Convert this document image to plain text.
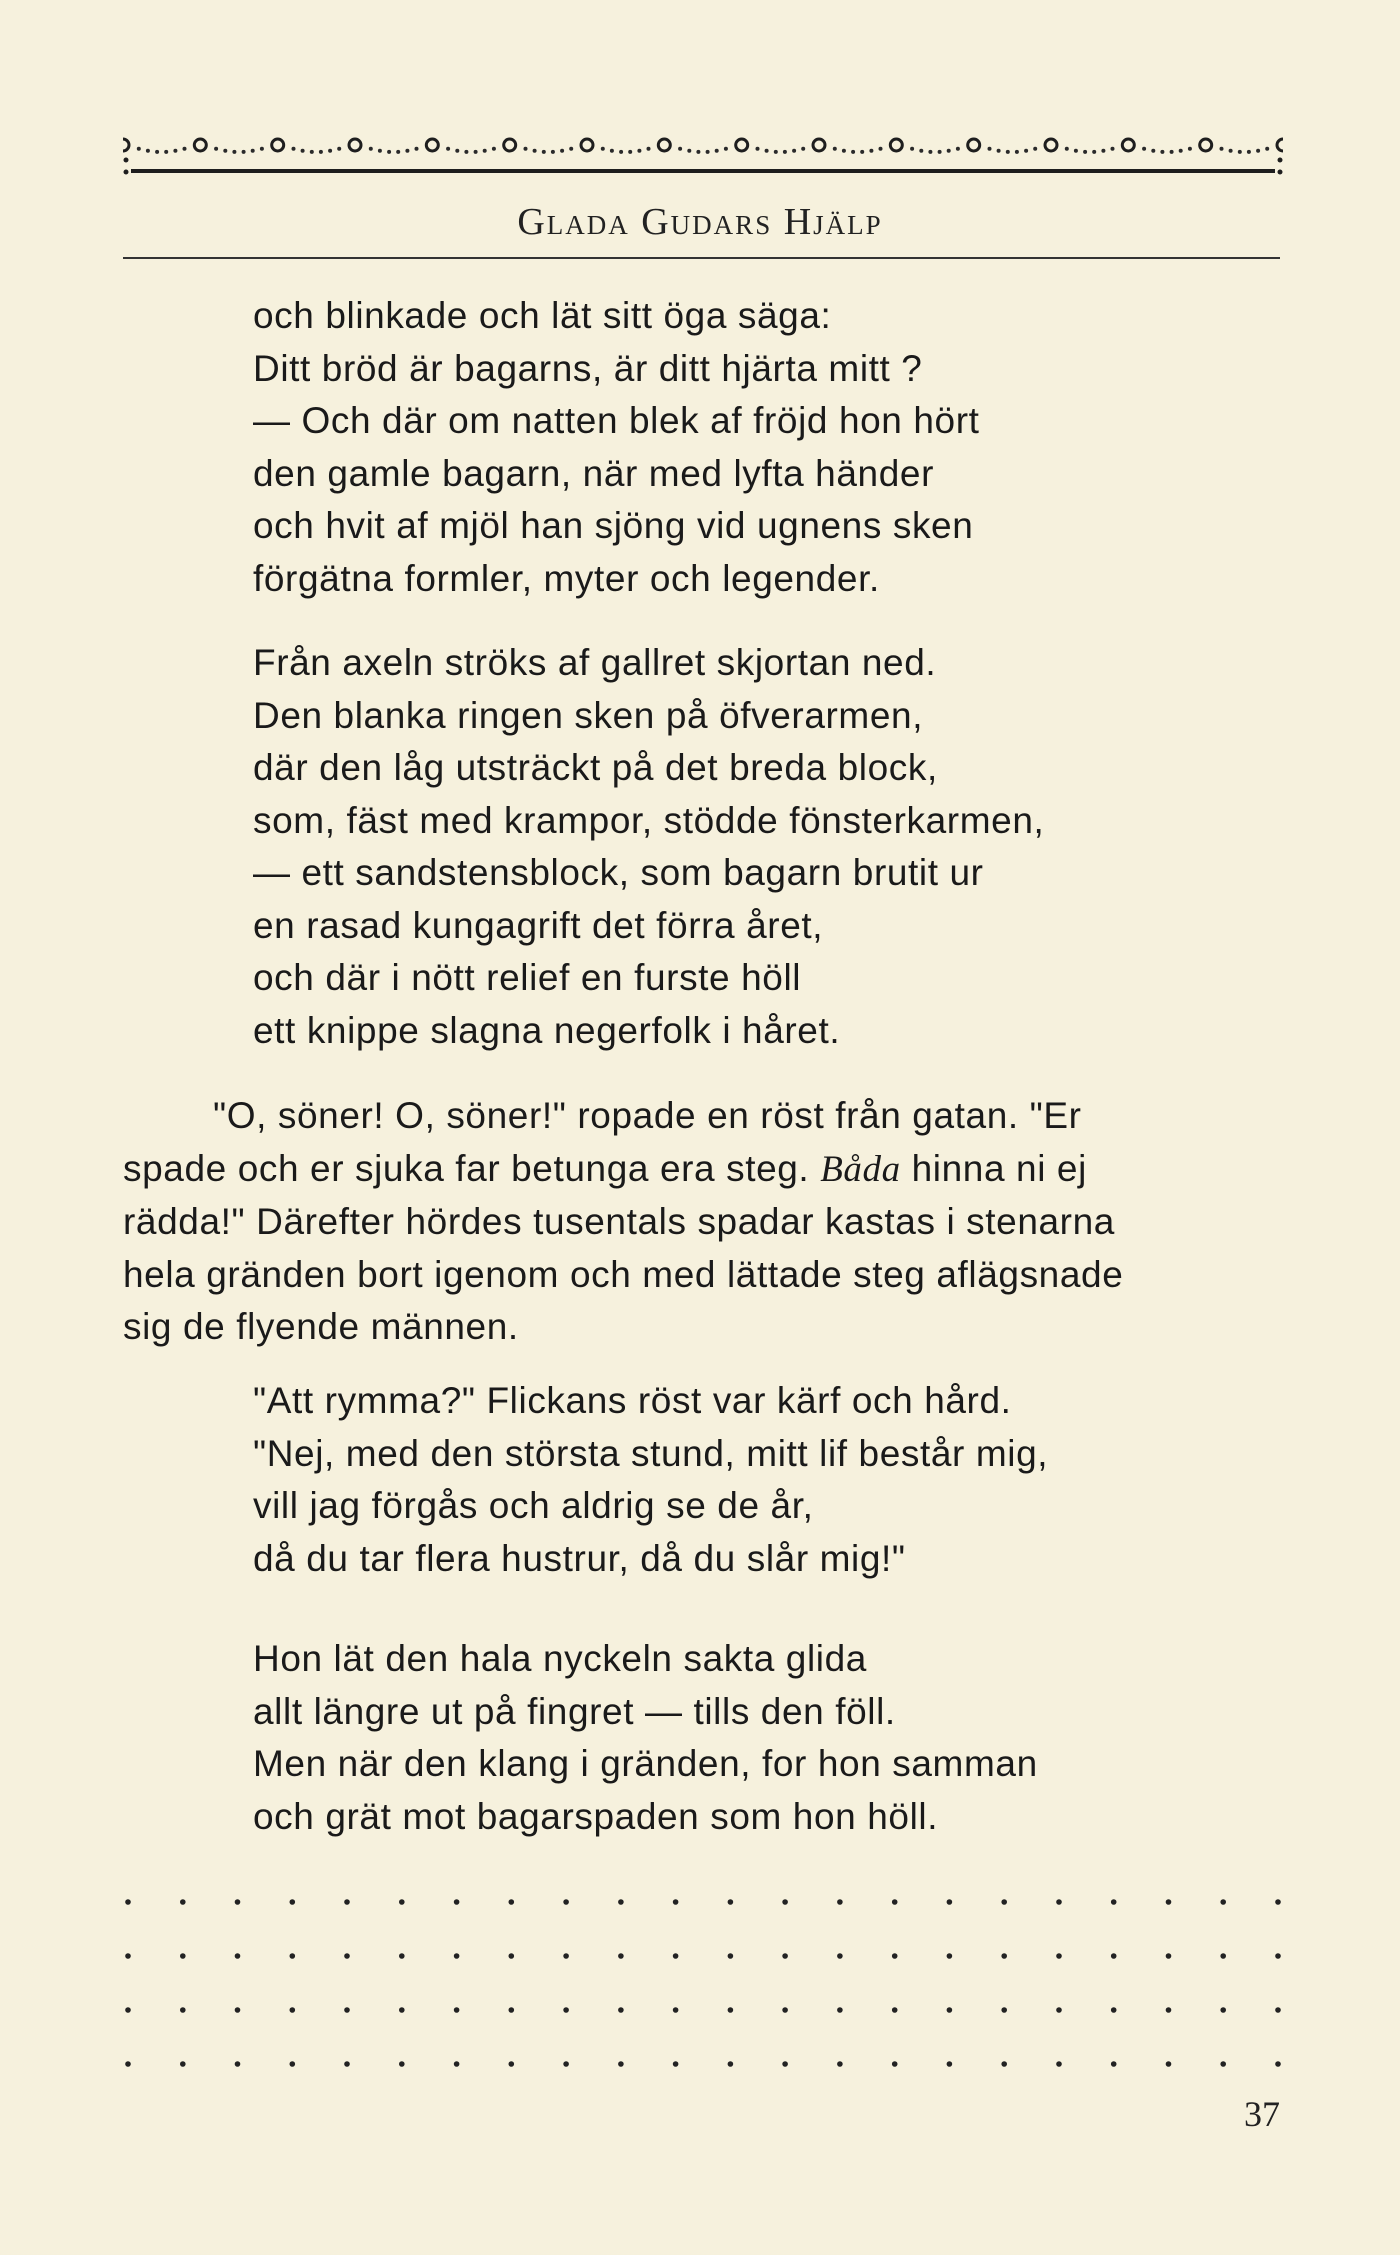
Glada Gudars Hjälp
och blinkade och lät sitt öga säga:
Ditt bröd är bagarns, är ditt hjärta mitt ?
— Och där om natten blek af fröjd hon hört
den gamle bagarn, när med lyfta händer
och hvit af mjöl han sjöng vid ugnens sken
förgätna formler, myter och legender.
Från axeln ströks af gallret skjortan ned.
Den blanka ringen sken på öfverarmen,
där den låg utsträckt på det breda block,
som, fäst med krampor, stödde fönsterkarmen,
— ett sandstensblock, som bagarn brutit ur
en rasad kungagrift det förra året,
och där i nött relief en furste höll
ett knippe slagna negerfolk i håret.
"O, söner! O, söner!" ropade en röst från gatan. "Er
spade och er sjuka far betunga era steg. Båda hinna ni ej
rädda!" Därefter hördes tusentals spadar kastas i stenarna
hela gränden bort igenom och med lättade steg aflägsnade
sig de flyende männen.
"Att rymma?" Flickans röst var kärf och hård.
"Nej, med den största stund, mitt lif består mig,
vill jag förgås och aldrig se de år,
då du tar flera hustrur, då du slår mig!"
Hon lät den hala nyckeln sakta glida
allt längre ut på fingret — tills den föll.
Men när den klang i gränden, for hon samman
och grät mot bagarspaden som hon höll.
37
